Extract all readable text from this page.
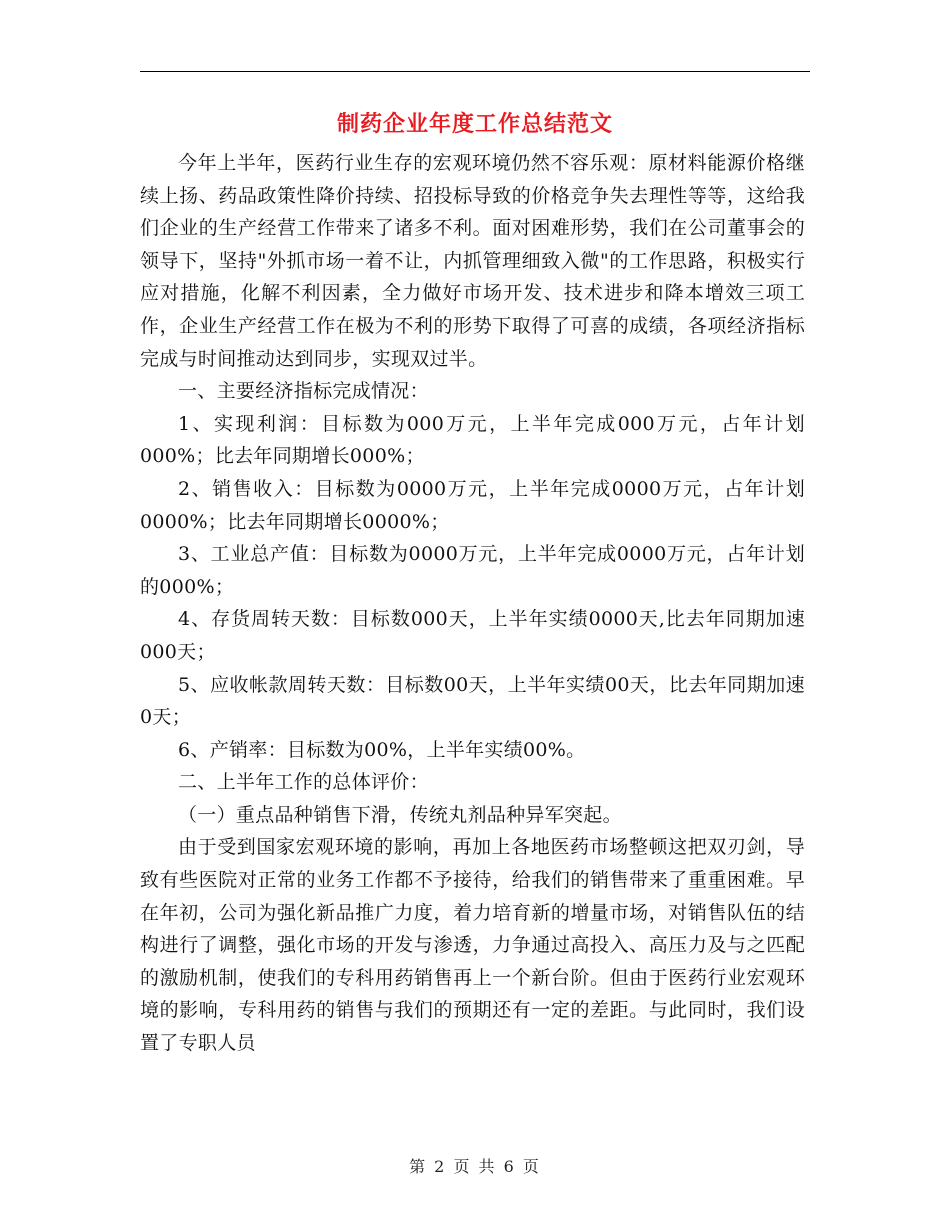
制药企业年度工作总结范文

今年上半年，医药行业生存的宏观环境仍然不容乐观：原材料能源价格继续上扬、药品政策性降价持续、招投标导致的价格竞争失去理性等等，这给我们企业的生产经营工作带来了诸多不利。面对困难形势，我们在公司董事会的领导下，坚持"外抓市场一着不让，内抓管理细致入微"的工作思路，积极实行应对措施，化解不利因素，全力做好市场开发、技术进步和降本增效三项工作，企业生产经营工作在极为不利的形势下取得了可喜的成绩，各项经济指标完成与时间推动达到同步，实现双过半。

一、主要经济指标完成情况：

1、实现利润：目标数为000万元，上半年完成000万元，占年计划000%；比去年同期增长000%；

2、销售收入：目标数为0000万元，上半年完成0000万元，占年计划0000%；比去年同期增长0000%；

3、工业总产值：目标数为0000万元，上半年完成0000万元，占年计划的000%；

4、存货周转天数：目标数000天，上半年实绩0000天,比去年同期加速000天；

5、应收帐款周转天数：目标数00天，上半年实绩00天，比去年同期加速0天；

6、产销率：目标数为00%，上半年实绩00%。

二、上半年工作的总体评价：

（一）重点品种销售下滑，传统丸剂品种异军突起。

由于受到国家宏观环境的影响，再加上各地医药市场整顿这把双刃剑，导致有些医院对正常的业务工作都不予接待，给我们的销售带来了重重困难。早在年初，公司为强化新品推广力度，着力培育新的增量市场，对销售队伍的结构进行了调整，强化市场的开发与渗透，力争通过高投入、高压力及与之匹配的激励机制，使我们的专科用药销售再上一个新台阶。但由于医药行业宏观环境的影响，专科用药的销售与我们的预期还有一定的差距。与此同时，我们设置了专职人员

第 2 页 共 6 页
